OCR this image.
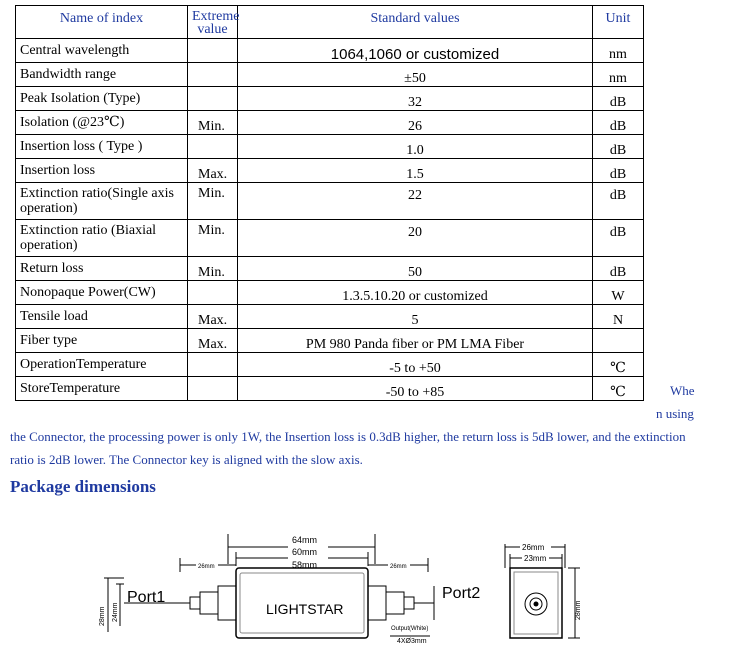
Name of index	Extreme value	Standard values	Unit
Central wavelength		1064,1060 or customized	nm
Bandwidth range		±50	nm
Peak Isolation (Type)		32	dB
Isolation (@23℃)	Min.	26	dB
Insertion loss ( Type )		1.0	dB
Insertion loss	Max.	1.5	dB
Extinction ratio(Single axis operation)	Min.	22	dB
Extinction ratio (Biaxial operation)	Min.	20	dB
Return loss	Min.	50	dB
Nonopaque Power(CW)		1.3.5.10.20 or customized	W
Tensile load	Max.	5	N
Fiber type	Max.	PM 980 Panda fiber or PM LMA Fiber	
OperationTemperature		-5 to +50	℃
StoreTemperature		-50 to +85	℃	Whe
n using
the Connector, the processing power is only 1W, the Insertion loss is 0.3dB higher, the return loss is 5dB lower, and the extinction
ratio is 2dB lower. The Connector key is aligned with the slow axis.
Package dimensions
64mm
60mm
58mm
26mm	26mm
Port1	Port2
LIGHTSTAR
Output(White)
4XØ3mm
28mm 24mm
26mm
23mm
28mm
